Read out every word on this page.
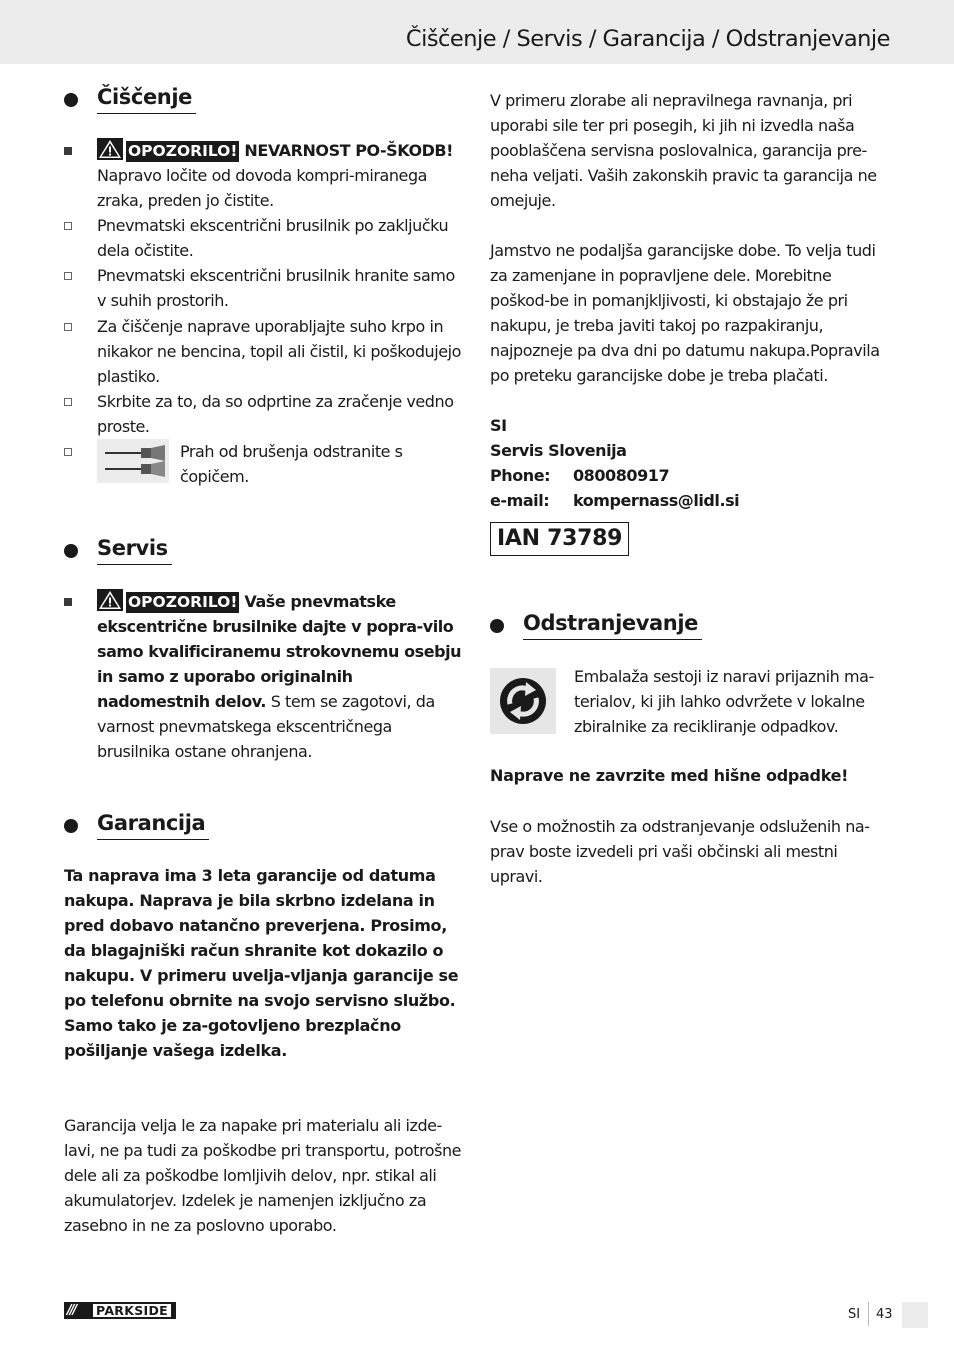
Čiščenje / Servis / Garancija / Odstranjevanje
Čiščenje
OPOZORILO! NEVARNOST PO-ŠKODB! Napravo ločite od dovoda kompri-miranega zraka, preden jo čistite.
Pnevmatski ekscentrični brusilnik po zaključku dela očistite.
Pnevmatski ekscentrični brusilnik hranite samo v suhih prostorih.
Za čiščenje naprave uporabljajte suho krpo in nikakor ne bencina, topil ali čistil, ki poškodujejo plastiko.
Skrbite za to, da so odprtine za zračenje vedno proste.
Prah od brušenja odstranite s čopičem.
Servis
OPOZORILO! Vaše pnevmatske ekscentrične brusilnike dajte v popra-vilo samo kvalificiranemu strokovnemu osebju in samo z uporabo originalnih nadomestnih delov. S tem se zagotovi, da varnost pnevmatskega ekscentričnega brusilnika ostane ohranjena.
Garancija
Ta naprava ima 3 leta garancije od datuma nakupa. Naprava je bila skrbno izdelana in pred dobavo natančno preverjena. Prosimo, da blagajniški račun shranite kot dokazilo o nakupu. V primeru uvelja-vljanja garancije se po telefonu obrnite na svojo servisno službo. Samo tako je za-gotovljeno brezplačno pošiljanje vašega izdelka.
Garancija velja le za napake pri materialu ali izde-lavi, ne pa tudi za poškodbe pri transportu, potrošne dele ali za poškodbe lomljivih delov, npr. stikal ali akumulatorjev. Izdelek je namenjen izključno za zasebno in ne za poslovno uporabo.
V primeru zlorabe ali nepravilnega ravnanja, pri uporabi sile ter pri posegih, ki jih ni izvedla naša pooblaščena servisna poslovalnica, garancija pre-neha veljati. Vaših zakonskih pravic ta garancija ne omejuje.
Jamstvo ne podaljša garancijske dobe. To velja tudi za zamenjane in popravljene dele. Morebitne poškod-be in pomanjkljivosti, ki obstajajo že pri nakupu, je treba javiti takoj po razpakiranju, najpozneje pa dva dni po datumu nakupa.Popravila po preteku garancijske dobe je treba plačati.
SI
Servis Slovenija
Phone:	080080917
e-mail:	kompernass@lidl.si
IAN 73789
Odstranjevanje
Embalaža sestoji iz naravi prijaznih ma-terialov, ki jih lahko odvržete v lokalne zbiralnike za recikliranje odpadkov.
Naprave ne zavrzite med hišne odpadke!
Vse o možnostih za odstranjevanje odsluženih na-prav boste izvedeli pri vaši občinski ali mestni upravi.
///	PARKSIDE	SI 43
